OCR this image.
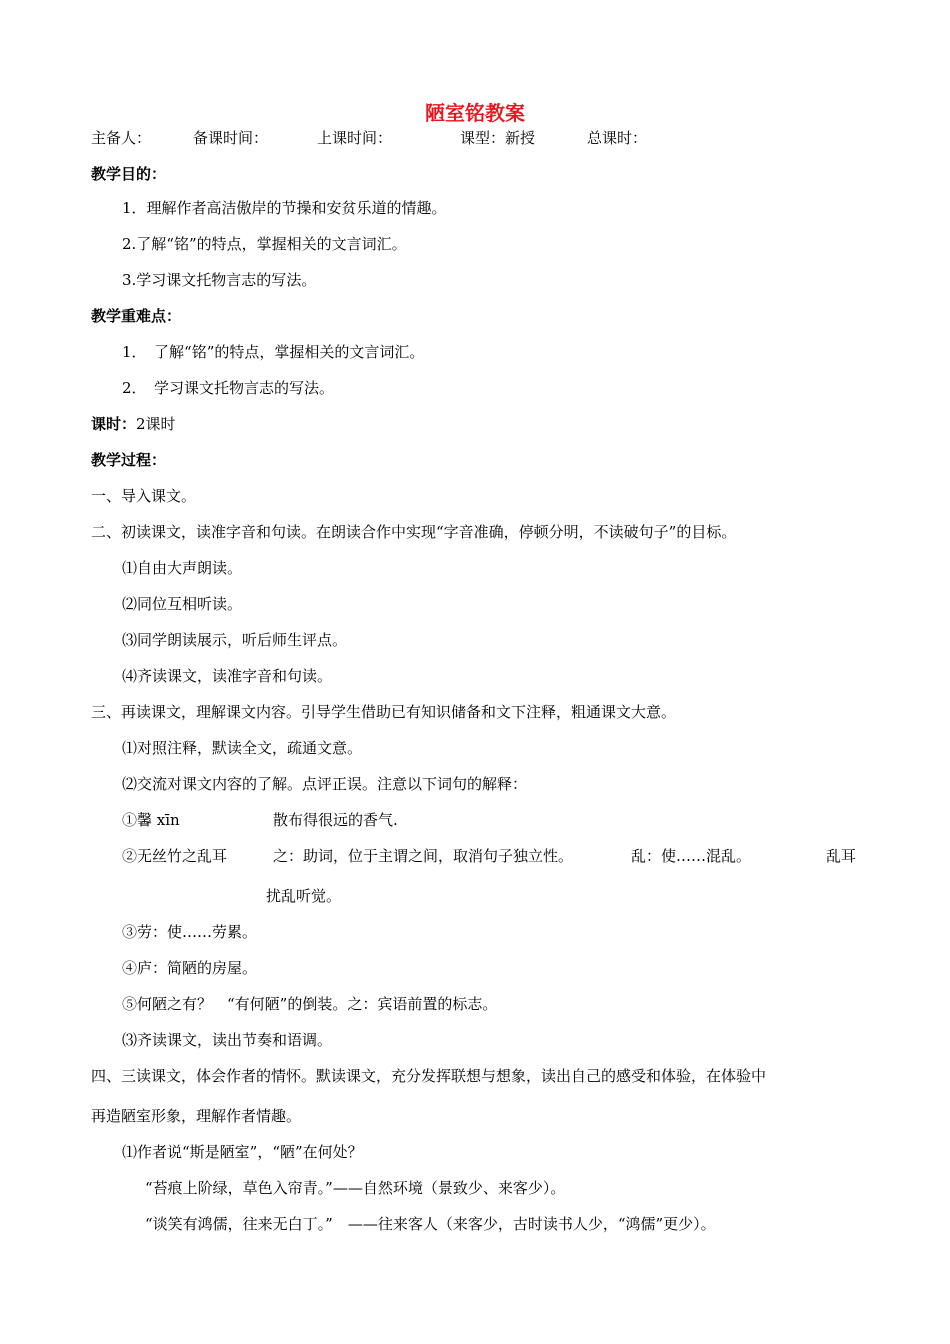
陋室铭教案
主备人：	备课时间：	上课时间：	课型：新授	总课时：
教学目的：
1．理解作者高洁傲岸的节操和安贫乐道的情趣。
2.了解“铭”的特点，掌握相关的文言词汇。
3.学习课文托物言志的写法。
教学重难点：
1．　了解“铭”的特点，掌握相关的文言词汇。
2．　学习课文托物言志的写法。
课时：2课时
教学过程：
一、导入课文。
二、初读课文，读准字音和句读。在朗读合作中实现“字音准确，停顿分明，不读破句子”的目标。
⑴自由大声朗读。
⑵同位互相听读。
⑶同学朗读展示，听后师生评点。
⑷齐读课文，读准字音和句读。
三、再读课文，理解课文内容。引导学生借助已有知识储备和文下注释，粗通课文大意。
⑴对照注释，默读全文，疏通文意。
⑵交流对课文内容的了解。点评正误。注意以下词句的解释：
①馨 xīn	散布得很远的香气.
②无丝竹之乱耳	之：助词，位于主谓之间，取消句子独立性。	乱：使……混乱。	乱耳
扰乱听觉。
③劳：使……劳累。
④庐：简陋的房屋。
⑤何陋之有？　“有何陋”的倒装。之：宾语前置的标志。
⑶齐读课文，读出节奏和语调。
四、三读课文，体会作者的情怀。默读课文，充分发挥联想与想象，读出自己的感受和体验，在体验中
再造陋室形象，理解作者情趣。
⑴作者说“斯是陋室”，“陋”在何处？
“苔痕上阶绿，草色入帘青。”——自然环境（景致少、来客少）。
“谈笑有鸿儒，往来无白丁。”　——往来客人（来客少，古时读书人少，“鸿儒”更少）。
